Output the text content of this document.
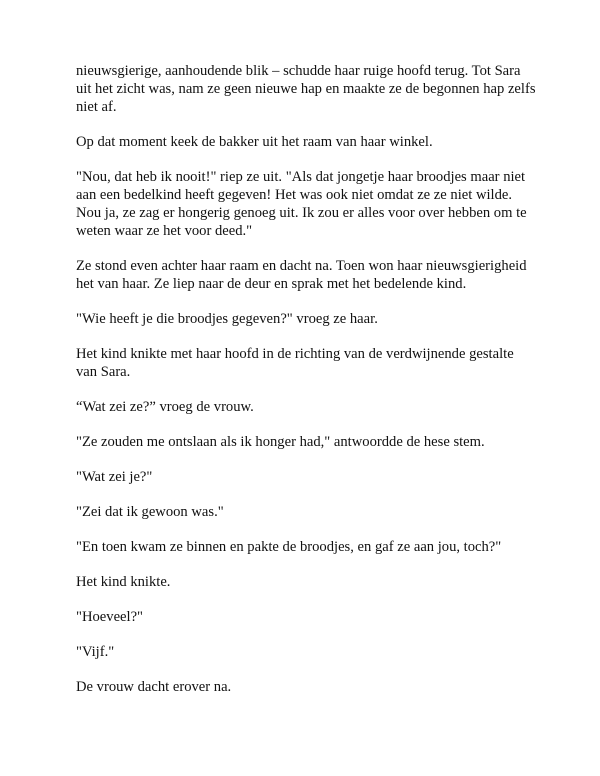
nieuwsgierige, aanhoudende blik – schudde haar ruige hoofd terug. Tot Sara uit het zicht was, nam ze geen nieuwe hap en maakte ze de begonnen hap zelfs niet af.

Op dat moment keek de bakker uit het raam van haar winkel.

"Nou, dat heb ik nooit!" riep ze uit. "Als dat jongetje haar broodjes maar niet aan een bedelkind heeft gegeven! Het was ook niet omdat ze ze niet wilde. Nou ja, ze zag er hongerig genoeg uit. Ik zou er alles voor over hebben om te weten waar ze het voor deed."

Ze stond even achter haar raam en dacht na. Toen won haar nieuwsgierigheid het van haar. Ze liep naar de deur en sprak met het bedelende kind.

"Wie heeft je die broodjes gegeven?" vroeg ze haar.

Het kind knikte met haar hoofd in de richting van de verdwijnende gestalte van Sara.

“Wat zei ze?” vroeg de vrouw.

"Ze zouden me ontslaan als ik honger had," antwoordde de hese stem.

"Wat zei je?"

"Zei dat ik gewoon was."

"En toen kwam ze binnen en pakte de broodjes, en gaf ze aan jou, toch?"

Het kind knikte.

"Hoeveel?"

"Vijf."

De vrouw dacht erover na.
